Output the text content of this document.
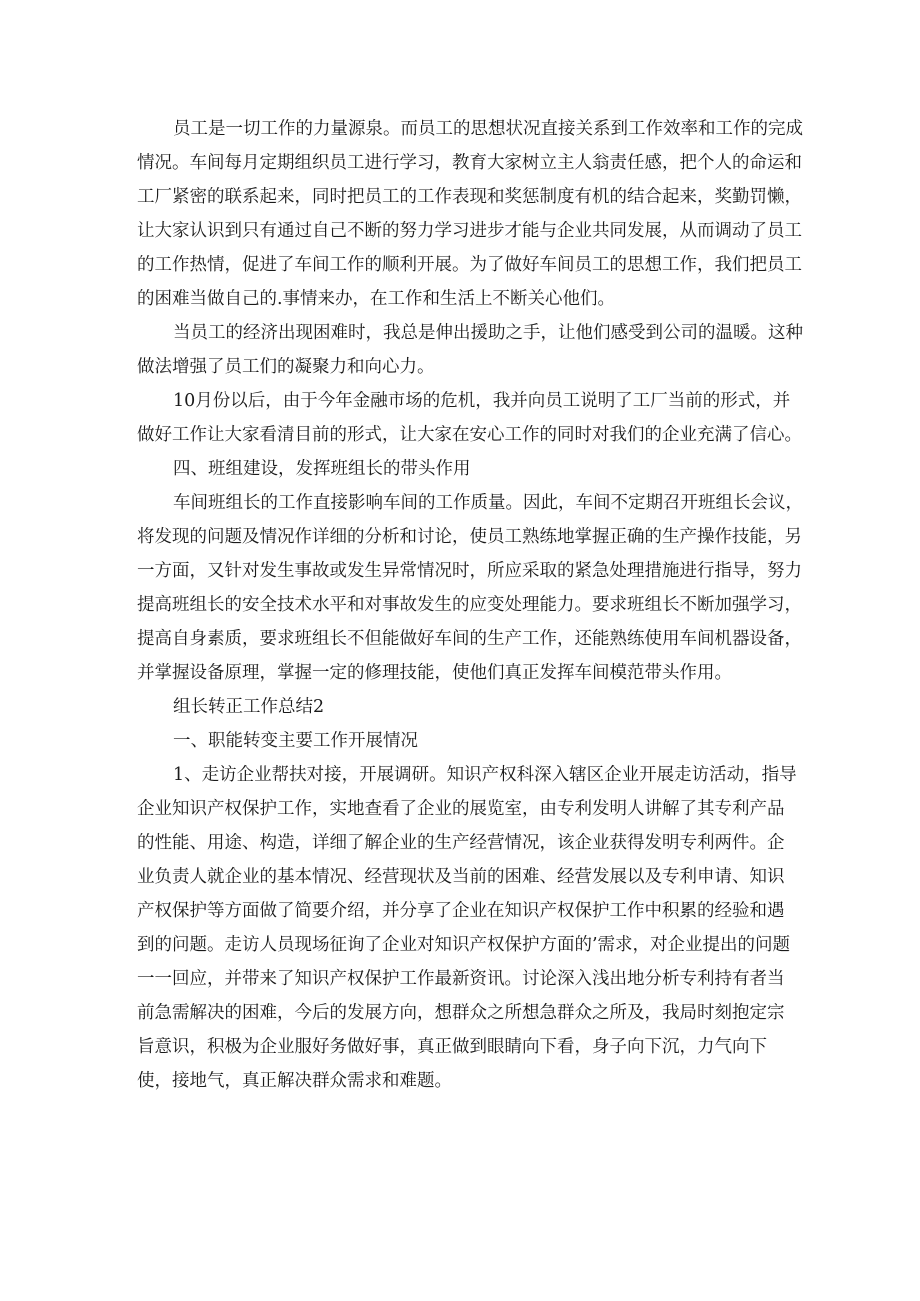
员工是一切工作的力量源泉。而员工的思想状况直接关系到工作效率和工作的完成
情况。车间每月定期组织员工进行学习，教育大家树立主人翁责任感，把个人的命运和
工厂紧密的联系起来，同时把员工的工作表现和奖惩制度有机的结合起来，奖勤罚懒，
让大家认识到只有通过自己不断的努力学习进步才能与企业共同发展，从而调动了员工
的工作热情，促进了车间工作的顺利开展。为了做好车间员工的思想工作，我们把员工
的困难当做自己的.事情来办，在工作和生活上不断关心他们。
当员工的经济出现困难时，我总是伸出援助之手，让他们感受到公司的温暖。这种
做法增强了员工们的凝聚力和向心力。
10月份以后，由于今年金融市场的危机，我并向员工说明了工厂当前的形式，并
做好工作让大家看清目前的形式，让大家在安心工作的同时对我们的企业充满了信心。
四、班组建设，发挥班组长的带头作用
车间班组长的工作直接影响车间的工作质量。因此，车间不定期召开班组长会议，
将发现的问题及情况作详细的分析和讨论，使员工熟练地掌握正确的生产操作技能，另
一方面，又针对发生事故或发生异常情况时，所应采取的紧急处理措施进行指导，努力
提高班组长的安全技术水平和对事故发生的应变处理能力。要求班组长不断加强学习，
提高自身素质，要求班组长不但能做好车间的生产工作，还能熟练使用车间机器设备，
并掌握设备原理，掌握一定的修理技能，使他们真正发挥车间模范带头作用。
组长转正工作总结2
一、职能转变主要工作开展情况
1、走访企业帮扶对接，开展调研。知识产权科深入辖区企业开展走访活动，指导
企业知识产权保护工作，实地查看了企业的展览室，由专利发明人讲解了其专利产品
的性能、用途、构造，详细了解企业的生产经营情况，该企业获得发明专利两件。企
业负责人就企业的基本情况、经营现状及当前的困难、经营发展以及专利申请、知识
产权保护等方面做了简要介绍，并分享了企业在知识产权保护工作中积累的经验和遇
到的问题。走访人员现场征询了企业对知识产权保护方面的’需求，对企业提出的问题
一一回应，并带来了知识产权保护工作最新资讯。讨论深入浅出地分析专利持有者当
前急需解决的困难，今后的发展方向，想群众之所想急群众之所及，我局时刻抱定宗
旨意识，积极为企业服好务做好事，真正做到眼睛向下看，身子向下沉，力气向下
使，接地气，真正解决群众需求和难题。
